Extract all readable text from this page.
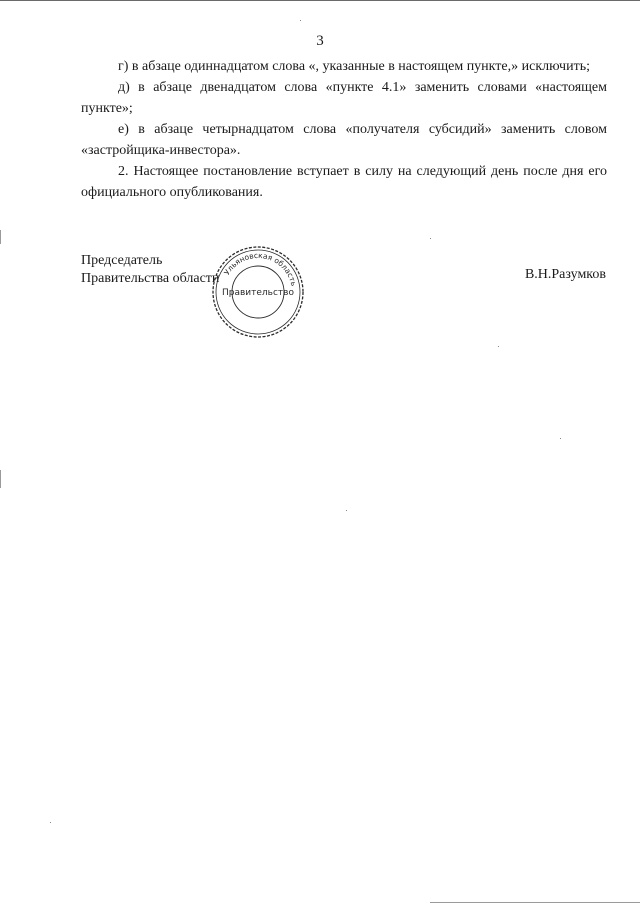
3

г) в абзаце одиннадцатом слова «, указанные в настоящем пункте,» исключить;

д) в абзаце двенадцатом слова «пункте 4.1» заменить словами «настоящем пункте»;

е) в абзаце четырнадцатом слова «получателя субсидий» заменить словом «застройщика-инвестора».

2. Настоящее постановление вступает в силу на следующий день после дня его официального опубликования.

Председатель
Правительства области Ульяновская область
Правительство
В.Н.Разумков
